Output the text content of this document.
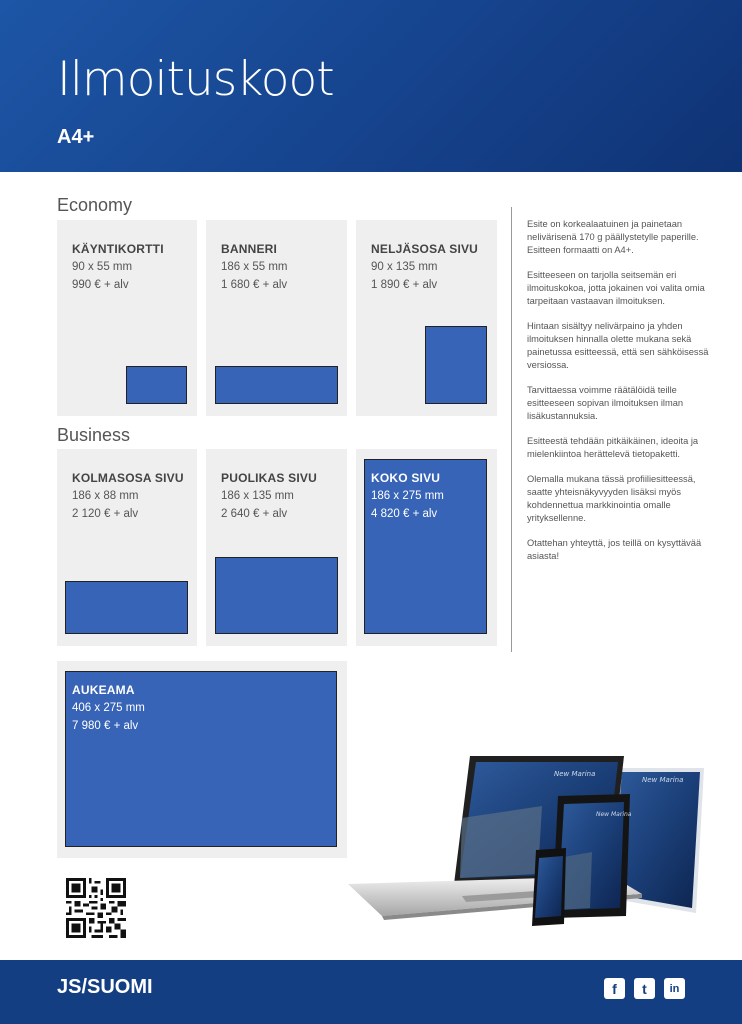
Ilmoituskoot
A4+
Economy
KÄYNTIKORTTI
90 x 55 mm
990 € + alv
BANNERI
186 x 55 mm
1 680 € + alv
NELJÄSOSA SIVU
90 x 135 mm
1 890 € + alv
Business
KOLMASOSA SIVU
186 x 88 mm
2 120 € + alv
PUOLIKAS SIVU
186 x 135 mm
2 640 € + alv
KOKO SIVU
186 x 275 mm
4 820 € + alv
AUKEAMA
406 x 275 mm
7 980 € + alv

Esite on korkealaatuinen ja painetaan nelivärisenä 170 g päällystetylle paperille. Esitteen formaatti on A4+.

Esitteeseen on tarjolla seitsemän eri ilmoituskokoa, jotta jokainen voi valita omia tarpeitaan vastaavan ilmoituksen.

Hintaan sisältyy nelivärpaino ja yhden ilmoituksen hinnalla olette mukana sekä painetussa esitteessä, että sen sähköisessä versiossa.

Tarvittaessa voimme räätälöidä teille esitteeseen sopivan ilmoituksen ilman lisäkustannuksia.

Esitteestä tehdään pitkäikäinen, ideoita ja mielenkiintoa herättelevä tietopaketti.

Olemalla mukana tässä profiiliesitteessä, saatte yhteisnäkyvyyden lisäksi myös kohdennettua markkinointia omalle yrityksellenne.

Otattehan yhteyttä, jos teillä on kysyttävää asiasta!

New Marina
New Marina
New Marina
JS/SUOMI	f	t	in
